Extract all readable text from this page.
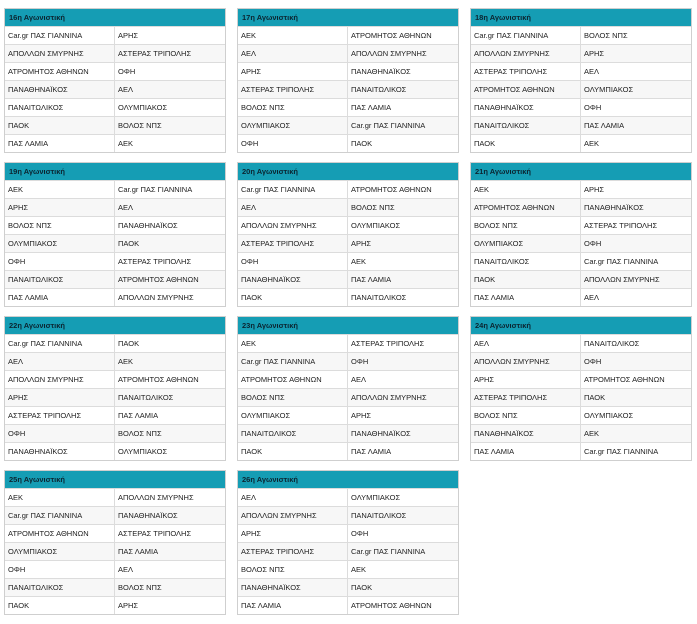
16η Αγωνιστική
Car.gr ΠΑΣ ΓΙΑΝΝΙΝΑ	ΑΡΗΣ
ΑΠΟΛΛΩΝ ΣΜΥΡΝΗΣ	ΑΣΤΕΡΑΣ ΤΡΙΠΟΛΗΣ
ΑΤΡΟΜΗΤΟΣ ΑΘΗΝΩΝ	ΟΦΗ
ΠΑΝΑΘΗΝΑΪΚΟΣ	ΑΕΛ
ΠΑΝΑΙΤΩΛΙΚΟΣ	ΟΛΥΜΠΙΑΚΟΣ
ΠΑΟΚ	ΒΟΛΟΣ ΝΠΣ
ΠΑΣ ΛΑΜΙΑ	ΑΕΚ
17η Αγωνιστική
ΑΕΚ	ΑΤΡΟΜΗΤΟΣ ΑΘΗΝΩΝ
ΑΕΛ	ΑΠΟΛΛΩΝ ΣΜΥΡΝΗΣ
ΑΡΗΣ	ΠΑΝΑΘΗΝΑΪΚΟΣ
ΑΣΤΕΡΑΣ ΤΡΙΠΟΛΗΣ	ΠΑΝΑΙΤΩΛΙΚΟΣ
ΒΟΛΟΣ ΝΠΣ	ΠΑΣ ΛΑΜΙΑ
ΟΛΥΜΠΙΑΚΟΣ	Car.gr ΠΑΣ ΓΙΑΝΝΙΝΑ
ΟΦΗ	ΠΑΟΚ
18η Αγωνιστική
Car.gr ΠΑΣ ΓΙΑΝΝΙΝΑ	ΒΟΛΟΣ ΝΠΣ
ΑΠΟΛΛΩΝ ΣΜΥΡΝΗΣ	ΑΡΗΣ
ΑΣΤΕΡΑΣ ΤΡΙΠΟΛΗΣ	ΑΕΛ
ΑΤΡΟΜΗΤΟΣ ΑΘΗΝΩΝ	ΟΛΥΜΠΙΑΚΟΣ
ΠΑΝΑΘΗΝΑΪΚΟΣ	ΟΦΗ
ΠΑΝΑΙΤΩΛΙΚΟΣ	ΠΑΣ ΛΑΜΙΑ
ΠΑΟΚ	ΑΕΚ
19η Αγωνιστική
ΑΕΚ	Car.gr ΠΑΣ ΓΙΑΝΝΙΝΑ
ΑΡΗΣ	ΑΕΛ
ΒΟΛΟΣ ΝΠΣ	ΠΑΝΑΘΗΝΑΪΚΟΣ
ΟΛΥΜΠΙΑΚΟΣ	ΠΑΟΚ
ΟΦΗ	ΑΣΤΕΡΑΣ ΤΡΙΠΟΛΗΣ
ΠΑΝΑΙΤΩΛΙΚΟΣ	ΑΤΡΟΜΗΤΟΣ ΑΘΗΝΩΝ
ΠΑΣ ΛΑΜΙΑ	ΑΠΟΛΛΩΝ ΣΜΥΡΝΗΣ
20η Αγωνιστική
Car.gr ΠΑΣ ΓΙΑΝΝΙΝΑ	ΑΤΡΟΜΗΤΟΣ ΑΘΗΝΩΝ
ΑΕΛ	ΒΟΛΟΣ ΝΠΣ
ΑΠΟΛΛΩΝ ΣΜΥΡΝΗΣ	ΟΛΥΜΠΙΑΚΟΣ
ΑΣΤΕΡΑΣ ΤΡΙΠΟΛΗΣ	ΑΡΗΣ
ΟΦΗ	ΑΕΚ
ΠΑΝΑΘΗΝΑΪΚΟΣ	ΠΑΣ ΛΑΜΙΑ
ΠΑΟΚ	ΠΑΝΑΙΤΩΛΙΚΟΣ
21η Αγωνιστική
ΑΕΚ	ΑΡΗΣ
ΑΤΡΟΜΗΤΟΣ ΑΘΗΝΩΝ	ΠΑΝΑΘΗΝΑΪΚΟΣ
ΒΟΛΟΣ ΝΠΣ	ΑΣΤΕΡΑΣ ΤΡΙΠΟΛΗΣ
ΟΛΥΜΠΙΑΚΟΣ	ΟΦΗ
ΠΑΝΑΙΤΩΛΙΚΟΣ	Car.gr ΠΑΣ ΓΙΑΝΝΙΝΑ
ΠΑΟΚ	ΑΠΟΛΛΩΝ ΣΜΥΡΝΗΣ
ΠΑΣ ΛΑΜΙΑ	ΑΕΛ
22η Αγωνιστική
Car.gr ΠΑΣ ΓΙΑΝΝΙΝΑ	ΠΑΟΚ
ΑΕΛ	ΑΕΚ
ΑΠΟΛΛΩΝ ΣΜΥΡΝΗΣ	ΑΤΡΟΜΗΤΟΣ ΑΘΗΝΩΝ
ΑΡΗΣ	ΠΑΝΑΙΤΩΛΙΚΟΣ
ΑΣΤΕΡΑΣ ΤΡΙΠΟΛΗΣ	ΠΑΣ ΛΑΜΙΑ
ΟΦΗ	ΒΟΛΟΣ ΝΠΣ
ΠΑΝΑΘΗΝΑΪΚΟΣ	ΟΛΥΜΠΙΑΚΟΣ
23η Αγωνιστική
ΑΕΚ	ΑΣΤΕΡΑΣ ΤΡΙΠΟΛΗΣ
Car.gr ΠΑΣ ΓΙΑΝΝΙΝΑ	ΟΦΗ
ΑΤΡΟΜΗΤΟΣ ΑΘΗΝΩΝ	ΑΕΛ
ΒΟΛΟΣ ΝΠΣ	ΑΠΟΛΛΩΝ ΣΜΥΡΝΗΣ
ΟΛΥΜΠΙΑΚΟΣ	ΑΡΗΣ
ΠΑΝΑΙΤΩΛΙΚΟΣ	ΠΑΝΑΘΗΝΑΪΚΟΣ
ΠΑΟΚ	ΠΑΣ ΛΑΜΙΑ
24η Αγωνιστική
ΑΕΛ	ΠΑΝΑΙΤΩΛΙΚΟΣ
ΑΠΟΛΛΩΝ ΣΜΥΡΝΗΣ	ΟΦΗ
ΑΡΗΣ	ΑΤΡΟΜΗΤΟΣ ΑΘΗΝΩΝ
ΑΣΤΕΡΑΣ ΤΡΙΠΟΛΗΣ	ΠΑΟΚ
ΒΟΛΟΣ ΝΠΣ	ΟΛΥΜΠΙΑΚΟΣ
ΠΑΝΑΘΗΝΑΪΚΟΣ	ΑΕΚ
ΠΑΣ ΛΑΜΙΑ	Car.gr ΠΑΣ ΓΙΑΝΝΙΝΑ
25η Αγωνιστική
ΑΕΚ	ΑΠΟΛΛΩΝ ΣΜΥΡΝΗΣ
Car.gr ΠΑΣ ΓΙΑΝΝΙΝΑ	ΠΑΝΑΘΗΝΑΪΚΟΣ
ΑΤΡΟΜΗΤΟΣ ΑΘΗΝΩΝ	ΑΣΤΕΡΑΣ ΤΡΙΠΟΛΗΣ
ΟΛΥΜΠΙΑΚΟΣ	ΠΑΣ ΛΑΜΙΑ
ΟΦΗ	ΑΕΛ
ΠΑΝΑΙΤΩΛΙΚΟΣ	ΒΟΛΟΣ ΝΠΣ
ΠΑΟΚ	ΑΡΗΣ
26η Αγωνιστική
ΑΕΛ	ΟΛΥΜΠΙΑΚΟΣ
ΑΠΟΛΛΩΝ ΣΜΥΡΝΗΣ	ΠΑΝΑΙΤΩΛΙΚΟΣ
ΑΡΗΣ	ΟΦΗ
ΑΣΤΕΡΑΣ ΤΡΙΠΟΛΗΣ	Car.gr ΠΑΣ ΓΙΑΝΝΙΝΑ
ΒΟΛΟΣ ΝΠΣ	ΑΕΚ
ΠΑΝΑΘΗΝΑΪΚΟΣ	ΠΑΟΚ
ΠΑΣ ΛΑΜΙΑ	ΑΤΡΟΜΗΤΟΣ ΑΘΗΝΩΝ
